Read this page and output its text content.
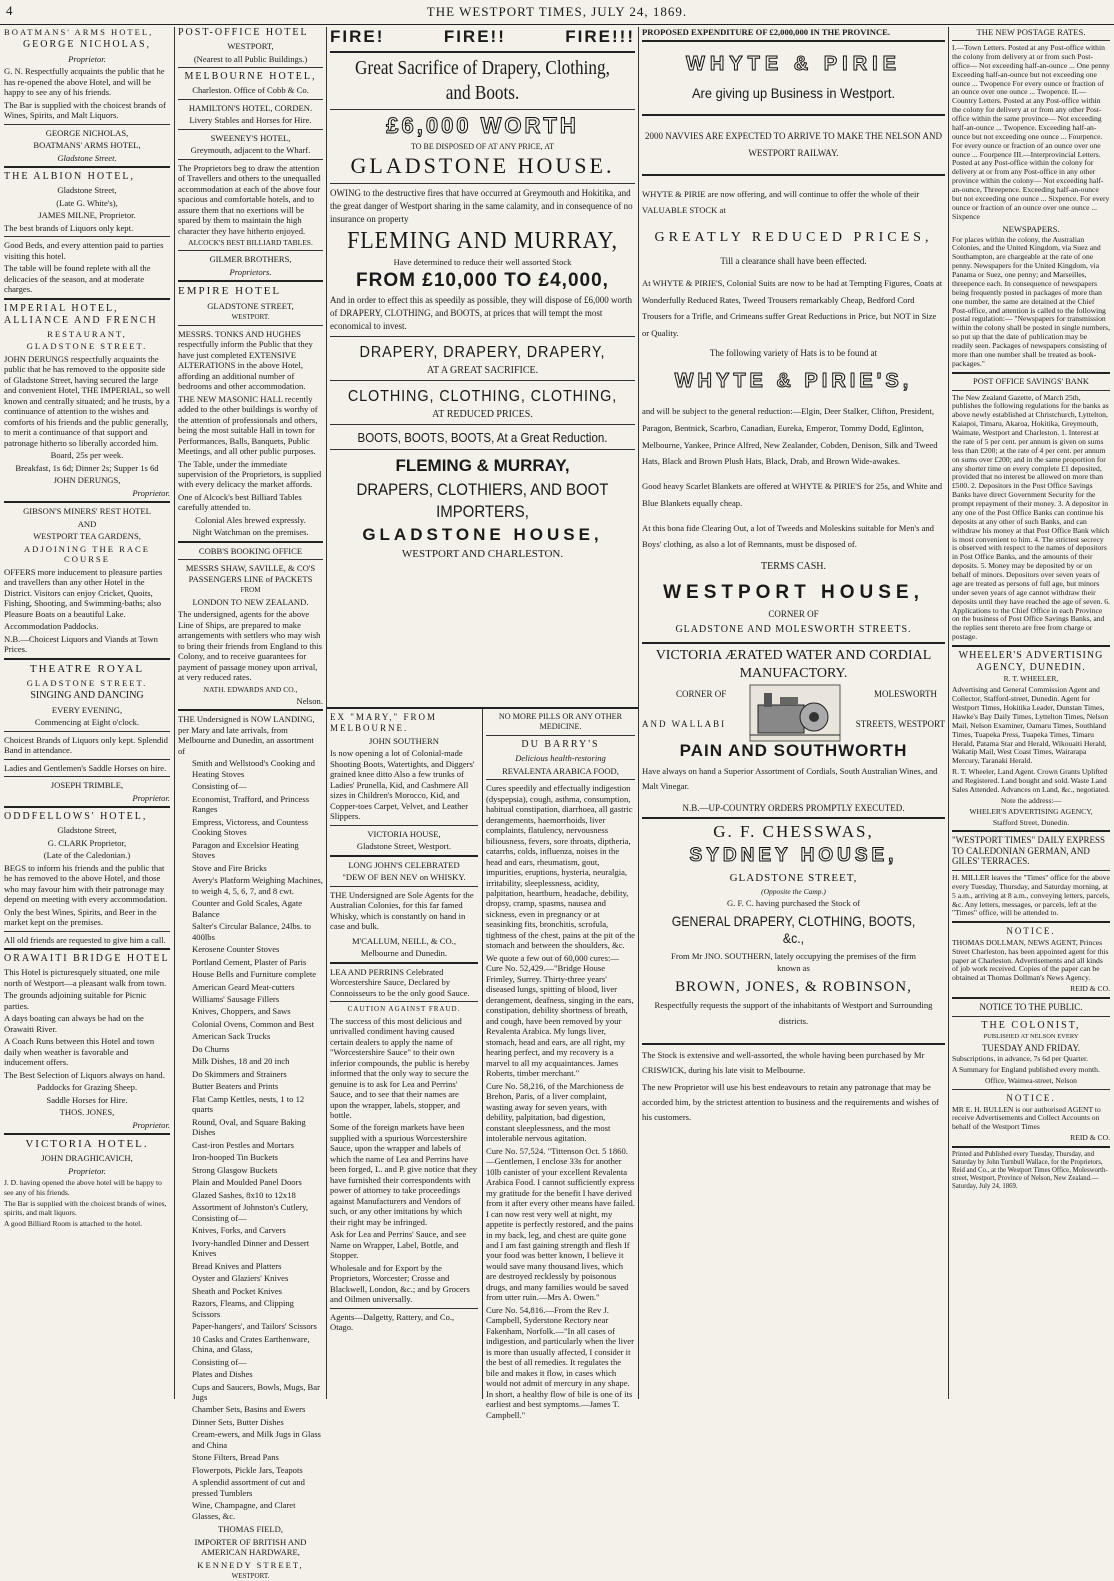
4	THE WESTPORT TIMES, JULY 24, 1869.

BOATMANS' ARMS HOTEL,

GEORGE NICHOLAS,

Proprietor.

G. N. Respectfully acquaints the public that he has re-opened the above Hotel, and will be happy to see any of his friends.

The Bar is supplied with the choicest brands of Wines, Spirits, and Malt Liquors.

GEORGE NICHOLAS,

BOATMANS' ARMS HOTEL,

Gladstone Street.

THE ALBION HOTEL,

Gladstone Street,

(Late G. White's),

JAMES MILNE, Proprietor.

The best brands of Liquors only kept.

Good Beds, and every attention paid to parties visiting this hotel.

The table will be found replete with all the delicacies of the season, and at moderate charges.

IMPERIAL HOTEL, ALLIANCE AND FRENCH

RESTAURANT,

GLADSTONE STREET.

JOHN DERUNGS respectfully acquaints the public that he has removed to the opposite side of Gladstone Street, having secured the large and convenient Hotel, THE IMPERIAL, so well known and centrally situated; and he trusts, by a continuance of attention to the wishes and comforts of his friends and the public generally, to merit a continuance of that support and patronage hitherto so liberally accorded him.

Board, 25s per week.

Breakfast, 1s 6d; Dinner 2s; Supper 1s 6d

JOHN DERUNGS,

Proprietor.

GIBSON'S MINERS' REST HOTEL

AND

WESTPORT TEA GARDENS,

ADJOINING THE RACE COURSE

OFFERS more inducement to pleasure parties and travellers than any other Hotel in the District. Visitors can enjoy Cricket, Quoits, Fishing, Shooting, and Swimming-baths; also Pleasure Boats on a beautiful Lake.

Accommodation Paddocks.

N.B.—Choicest Liquors and Viands at Town Prices.

THEATRE ROYAL

GLADSTONE STREET.

SINGING AND DANCING

EVERY EVENING,

Commencing at Eight o'clock.

Choicest Brands of Liquors only kept. Splendid Band in attendance.

Ladies and Gentlemen's Saddle Horses on hire.

JOSEPH TRIMBLE,

Proprietor.

ODDFELLOWS' HOTEL,

Gladstone Street,

G. CLARK Proprietor,

(Late of the Caledonian.)

BEGS to inform his friends and the public that he has removed to the above Hotel, and those who may favour him with their patronage may depend on meeting with every accommodation.

Only the best Wines, Spirits, and Beer in the market kept on the premises.

All old friends are requested to give him a call.

ORAWAITI BRIDGE HOTEL

This Hotel is picturesquely situated, one mile north of Westport—a pleasant walk from town.

The grounds adjoining suitable for Picnic parties.

A days boating can always be had on the Orawaiti River.

A Coach Runs between this Hotel and town daily when weather is favorable and inducement offers.

The Best Selection of Liquors always on hand.

Paddocks for Grazing Sheep.

Saddle Horses for Hire.

THOS. JONES,

Proprietor.

VICTORIA HOTEL.

JOHN DRAGHICAVICH,

Proprietor.

J. D. having opened the above hotel will be happy to see any of his friends.

The Bar is supplied with the choicest brands of wines, spirits, and malt liquors.

A good Billiard Room is attached to the hotel.

POST-OFFICE HOTEL

WESTPORT,

(Nearest to all Public Buildings.)

MELBOURNE HOTEL,

Charleston. Office of Cobb & Co.

HAMILTON'S HOTEL, CORDEN.

Livery Stables and Horses for Hire.

SWEENEY'S HOTEL,

Greymouth, adjacent to the Wharf.

The Proprietors beg to draw the attention of Travellers and others to the unequalled accommodation at each of the above four spacious and comfortable hotels, and to assure them that no exertions will be spared by them to maintain the high character they have hitherto enjoyed.

ALCOCK'S BEST BILLIARD TABLES.

GILMER BROTHERS,

Proprietors.

EMPIRE HOTEL

GLADSTONE STREET,

WESTPORT.

MESSRS. TONKS AND HUGHES respectfully inform the Public that they have just completed EXTENSIVE ALTERATIONS in the above Hotel, affording an additional number of bedrooms and other accommodation.

THE NEW MASONIC HALL recently added to the other buildings is worthy of the attention of professionals and others, being the most suitable Hall in town for Performances, Balls, Banquets, Public Meetings, and all other public purposes.

The Table, under the immediate supervision of the Proprietors, is supplied with every delicacy the market affords.

One of Alcock's best Billiard Tables carefully attended to.

Colonial Ales brewed expressly.

Night Watchman on the premises.

COBB'S BOOKING OFFICE

MESSRS SHAW, SAVILLE, & CO'S PASSENGERS LINE of PACKETS

FROM

LONDON TO NEW ZEALAND.

The undersigned, agents for the above Line of Ships, are prepared to make arrangements with settlers who may wish to bring their friends from England to this Colony, and to receive guarantees for payment of passage money upon arrival, at very reduced rates.

NATH. EDWARDS AND CO.,

Nelson.

THE Undersigned is NOW LANDING, per Mary and late arrivals, from Melbourne and Dunedin, an assortment of

Smith and Wellstood's Cooking and Heating Stoves

Consisting of—

Economist, Trafford, and Princess Ranges

Empress, Victoress, and Countess Cooking Stoves

Paragon and Excelsior Heating Stoves

Stove and Fire Bricks

Avery's Platform Weighing Machines, to weigh 4, 5, 6, 7, and 8 cwt.

Counter and Gold Scales, Agate Balance

Salter's Circular Balance, 24lbs. to 400lbs

Kerosene Counter Stoves

Portland Cement, Plaster of Paris

House Bells and Furniture complete

American Geard Meat-cutters

Williams' Sausage Fillers

Knives, Choppers, and Saws

Colonial Ovens, Common and Best

American Sack Trucks

Do Churns

Milk Dishes, 18 and 20 inch

Do Skimmers and Strainers

Butter Beaters and Prints

Flat Camp Kettles, nests, 1 to 12 quarts

Round, Oval, and Square Baking Dishes

Cast-iron Pestles and Mortars

Iron-hooped Tin Buckets

Strong Glasgow Buckets

Plain and Moulded Panel Doors

Glazed Sashes, 8x10 to 12x18

Assortment of Johnston's Cutlery, Consisting of—

Knives, Forks, and Carvers

Ivory-handled Dinner and Dessert Knives

Bread Knives and Platters

Oyster and Glaziers' Knives

Sheath and Pocket Knives

Razors, Fleams, and Clipping Scissors

Paper-hangers', and Tailors' Scissors

10 Casks and Crates Earthenware, China, and Glass,

Consisting of—

Plates and Dishes

Cups and Saucers, Bowls, Mugs, Bar Jugs

Chamber Sets, Basins and Ewers

Dinner Sets, Butter Dishes

Cream-ewers, and Milk Jugs in Glass and China

Stone Filters, Bread Pans

Flowerpots, Pickle Jars, Teapots

A splendid assortment of cut and pressed Tumblers

Wine, Champagne, and Claret Glasses, &c.

THOMAS FIELD,

IMPORTER OF BRITISH AND AMERICAN HARDWARE,

KENNEDY STREET,

WESTPORT.

FIRE!	FIRE!!	FIRE!!!

Great Sacrifice of Drapery, Clothing, and Boots.

£6,000 WORTH

TO BE DISPOSED OF AT ANY PRICE, AT

GLADSTONE HOUSE.

OWING to the destructive fires that have occurred at Greymouth and Hokitika, and the great danger of Westport sharing in the same calamity, and in consequence of no insurance on property

FLEMING AND MURRAY,

Have determined to reduce their well assorted Stock

FROM £10,000 TO £4,000,

And in order to effect this as speedily as possible, they will dispose of £6,000 worth of DRAPERY, CLOTHING, and BOOTS, at prices that will tempt the most economical to invest.

DRAPERY, DRAPERY, DRAPERY,

AT A GREAT SACRIFICE.

CLOTHING, CLOTHING, CLOTHING,

AT REDUCED PRICES.

BOOTS, BOOTS, BOOTS, At a Great Reduction.

FLEMING & MURRAY,

DRAPERS, CLOTHIERS, AND BOOT IMPORTERS,

GLADSTONE HOUSE,

WESTPORT AND CHARLESTON.

EX "MARY," FROM MELBOURNE.

JOHN SOUTHERN

Is now opening a lot of Colonial-made Shooting Boots, Watertights, and Diggers' grained knee ditto Also a few trunks of Ladies' Prunella, Kid, and Cashmere All sizes in Children's Morocco, Kid, and Copper-toes Carpet, Velvet, and Leather Slippers.

VICTORIA HOUSE,

Gladstone Street, Westport.

LONG JOHN'S CELEBRATED

"DEW OF BEN NEV on WHISKY.

THE Undersigned are Sole Agents for the Australian Colonies, for this far famed Whisky, which is constantly on hand in case and bulk.

M'CALLUM, NEILL, & CO.,

Melbourne and Dunedin.

LEA AND PERRINS Celebrated Worcestershire Sauce, Declared by Connoisseurs to be the only good Sauce.

CAUTION AGAINST FRAUD.

The success of this most delicious and unrivalled condiment having caused certain dealers to apply the name of "Worcestershire Sauce" to their own inferior compounds, the public is hereby informed that the only way to secure the genuine is to ask for Lea and Perrins' Sauce, and to see that their names are upon the wrapper, labels, stopper, and bottle.

Some of the foreign markets have been supplied with a spurious Worcestershire Sauce, upon the wrapper and labels of which the name of Lea and Perrins have been forged, L. and P. give notice that they have furnished their correspondents with power of attorney to take proceedings against Manufacturers and Vendors of such, or any other imitations by which their right may be infringed.

Ask for Lea and Perrins' Sauce, and see Name on Wrapper, Label, Bottle, and Stopper.

Wholesale and for Export by the Proprietors, Worcester; Crosse and Blackwell, London, &c.; and by Grocers and Oilmen universally.

Agents—Dalgetty, Rattery, and Co., Otago.

NO MORE PILLS OR ANY OTHER MEDICINE.

DU BARRY'S

Delicious health-restoring

REVALENTA ARABICA FOOD,

Cures speedily and effectually indigestion (dyspepsia), cough, asthma, consumption, habitual constipation, diarrhoea, all gastric derangements, haemorrhoids, liver complaints, flatulency, nervousness biliousness, fevers, sore throats, diptheria, catarrhs, colds, influenza, noises in the head and ears, rheumatism, gout, impurities, eruptions, hysteria, neuralgia, irritability, sleeplessness, acidity, palpitation, heartburn, headache, debility, dropsy, cramp, spasms, nausea and sickness, even in pregnancy or at seasinking fits, bronchitis, scrofula, tightness of the chest, pains at the pit of the stomach and between the shoulders, &c.

We quote a few out of 60,000 cures:—Cure No. 52,429.—"Bridge House Frimley, Surrey. Thirty-three years' diseased lungs, spitting of blood, liver derangement, deafness, singing in the ears, constipation, debility shortness of breath, and cough, have been removed by your Revalenta Arabica. My lungs liver, stomach, head and ears, are all right, my hearing perfect, and my recovery is a marvel to all my acquaintances. James Roberts, timber merchant."

Cure No. 58,216, of the Marchioness de Brehon, Paris, of a liver complaint, wasting away for seven years, with debility, palpitation, bad digestion, constant sleeplessness, and the most intolerable nervous agitation.

Cure No. 57,524. "Tittenson Oct. 5 1860.—Gentlemen, I enclose 33s for another 10lb canister of your excellent Revalenta Arabica Food. I cannot sufficiently express my gratitude for the benefit I have derived from it after every other means have failed. I can now rest very well at night, my appetite is perfectly restored, and the pains in my back, leg, and chest are quite gone and I am fast gaining strength and flesh If your food was better known, I believe it would save many thousand lives, which are destroyed recklessly by poisonous drugs, and many families would be saved from utter ruin.—Mrs A. Owen."

Cure No. 54,816.—From the Rev J. Campbell, Syderstone Rectory near Fakenham, Norfolk.—"In all cases of indigestion, and particularly when the liver is more than usually affected, I consider it the best of all remedies. It regulates the bile and makes it flow, in cases which would not admit of mercury in any shape. In short, a healthy flow of bile is one of its earliest and best symptoms.—James T. Campbell."

PROPOSED EXPENDITURE OF £2,000,000 IN THE PROVINCE.

WHYTE & PIRIE

Are giving up Business in Westport.

2000 NAVVIES ARE EXPECTED TO ARRIVE TO MAKE THE NELSON AND WESTPORT RAILWAY.

WHYTE & PIRIE are now offering, and will continue to offer the whole of their VALUABLE STOCK at

GREATLY REDUCED PRICES,

Till a clearance shall have been effected.

At WHYTE & PIRIE'S, Colonial Suits are now to be had at Tempting Figures, Coats at Wonderfully Reduced Rates, Tweed Trousers remarkably Cheap, Bedford Cord Trousers for a Trifle, and Crimeans suffer Great Reductions in Price, but NOT in Size or Quality.

The following variety of Hats is to be found at

WHYTE & PIRIE'S,

and will be subject to the general reduction:—Elgin, Deer Stalker, Clifton, President, Paragon, Bentnick, Scarbro, Canadian, Eureka, Emperor, Tommy Dodd, Eglinton, Melbourne, Yankee, Prince Alfred, New Zealander, Cobden, Denison, Silk and Tweed Hats, Black and Brown Plush Hats, Black, Drab, and Brown Wide-awakes.

Good heavy Scarlet Blankets are offered at WHYTE & PIRIE'S for 25s, and White and Blue Blankets equally cheap.

At this bona fide Clearing Out, a lot of Tweeds and Moleskins suitable for Men's and Boys' clothing, as also a lot of Remnants, must be disposed of.

TERMS CASH.

WESTPORT HOUSE,

CORNER OF

GLADSTONE AND MOLESWORTH STREETS.

VICTORIA ÆRATED WATER AND CORDIAL MANUFACTORY.

CORNER OF	MOLESWORTH
AND WALLABI	STREETS, WESTPORT

PAIN AND SOUTHWORTH

Have always on hand a Superior Assortment of Cordials, South Australian Wines, and Malt Vinegar.

N.B.—UP-COUNTRY ORDERS PROMPTLY EXECUTED.

G. F. CHESSWAS,

SYDNEY HOUSE,

GLADSTONE STREET,

(Opposite the Camp.)

G. F. C. having purchased the Stock of

GENERAL DRAPERY, CLOTHING, BOOTS, &c.,

From Mr JNO. SOUTHERN, lately occupying the premises of the firm

known as

BROWN, JONES, & ROBINSON,

Respectfully requests the support of the inhabitants of Westport and Surrounding districts.

The Stock is extensive and well-assorted, the whole having been purchased by Mr CRISWICK, during his late visit to Melbourne.

The new Proprietor will use his best endeavours to retain any patronage that may be accorded him, by the strictest attention to business and the requirements and wishes of his customers.

THE NEW POSTAGE RATES.

I.—Town Letters. Posted at any Post-office within the colony from delivery at or from such Post-office— Not exceeding half-an-ounce ... One penny Exceeding half-an-ounce but not exceeding one ounce ... Twopence For every ounce or fraction of an ounce over one ounce ... Twopence. II.—Country Letters. Posted at any Post-office within the colony for delivery at or from any other Post-office within the same province— Not exceeding half-an-ounce ... Twopence. Exceeding half-an-ounce but not exceeding one ounce ... Fourpence. For every ounce or fraction of an ounce over one ounce ... Fourpence III.—Interprovincial Letters. Posted at any Post-office within the colony for delivery at or from any Post-office in any other province within the colony— Not exceeding half-an-ounce, Threepence. Exceeding half-an-ounce but not exceeding one ounce ... Sixpence. For every ounce or fraction of an ounce over one ounce ... Sixpence

NEWSPAPERS.

For places within the colony, the Australian Colonies, and the United Kingdom, via Suez and Southampton, are chargeable at the rate of one penny. Newspapers for the United Kingdom, via Panama or Suez, one penny; and Marseilles, threepence each. In consequence of newspapers being frequently posted in packages of more than one number, the same are detained at the Chief Post-office, and attention is called to the following postal regulation:— "Newspapers for transmission within the colony shall be posted in single numbers, so put up that the date of publication may be readily seen. Packages of newspapers consisting of more than one number shall be treated as book-packages."

POST OFFICE SAVINGS' BANK

The New Zealand Gazette, of March 25th, publishes the following regulations for the banks as above newly established at Christchurch, Lyttelton, Kaiapoi, Timaru, Akaroa, Hokitika, Greymouth, Waimate, Westport and Charleston. 1. Interest at the rate of 5 per cent. per annum is given on sums less than £200; at the rate of 4 per cent. per annum on sums over £200; and in the same proportion for any shorter time on every complete £1 deposited, provided that no interest be allowed on more than £500. 2. Depositors in the Post Office Savings Banks have direct Government Security for the prompt repayment of their money. 3. A depositor in any one of the Post Office Banks can continue his deposits at any other of such Banks, and can withdraw his money at that Post Office Bank which is most convenient to him. 4. The strictest secrecy is observed with respect to the names of depositors in Post Office Banks, and the amounts of their deposits. 5. Money may be deposited by or on behalf of minors. Depositors over seven years of age are treated as persons of full age, but minors under seven years of age cannot withdraw their deposits until they have reached the age of seven. 6. Applications to the Chief Office in each Province on the business of Post Office Savings Banks, and the replies sent thereto are free from charge or postage.

WHEELER'S ADVERTISING AGENCY, DUNEDIN.

R. T. WHEELER,

Advertising and General Commission Agent and Collector, Stafford-street, Dunedin. Agent for Westport Times, Hokitika Leader, Dunstan Times, Hawke's Bay Daily Times, Lyttelton Times, Nelson Mail, Nelson Examiner, Oamaru Times, Southland Times, Tuapeka Press, Tuapeka Times, Timaru Herald, Patama Star and Herald, Wikouaiti Herald, Wakatip Mail, West Coast Times, Wairarapa Mercury, Taranaki Herald.

R. T. Wheeler, Land Agent. Crown Grants Uplifted and Registered. Land bought and sold. Waste Land Sales Attended. Advances on Land, &c., negotiated.

Note the address:—

WHELER'S ADVERTISING AGENCY,

Stafford Street, Dunedin.

"WESTPORT TIMES" DAILY EXPRESS TO CALEDONIAN GERMAN, AND GILES' TERRACES.

H. MILLER leaves the "Times" office for the above every Tuesday, Thursday, and Saturday morning, at 5 a.m., arriving at 8 a.m., conveying letters, parcels, &c. Any letters, messages, or parcels, left at the "Times" office, will be attended to.

NOTICE.

THOMAS DOLLMAN, NEWS AGENT, Princes Street Charleston, has been appointed agent for this paper at Charleston. Advertisements and all kinds of job work received. Copies of the paper can be obtained at Thomas Dollman's News Agency.

REID & CO.

NOTICE TO THE PUBLIC.

THE COLONIST,

PUBLISHED AT NELSON EVERY

TUESDAY AND FRIDAY.

Subscriptions, in advance, 7s 6d per Quarter.

A Summary for England published every month.

Office, Waimea-street, Nelson

NOTICE.

MR E. H. BULLEN is our authorised AGENT to receive Advertisements and Collect Accounts on behalf of the Westport Times

REID & CO.

Printed and Published every Tuesday, Thursday, and Saturday by John Turnbull Wallace, for the Proprietors, Reid and Co., at the Westport Times Office, Molesworth-street, Westport, Province of Nelson, New Zealand.—Saturday, July 24, 1869.
